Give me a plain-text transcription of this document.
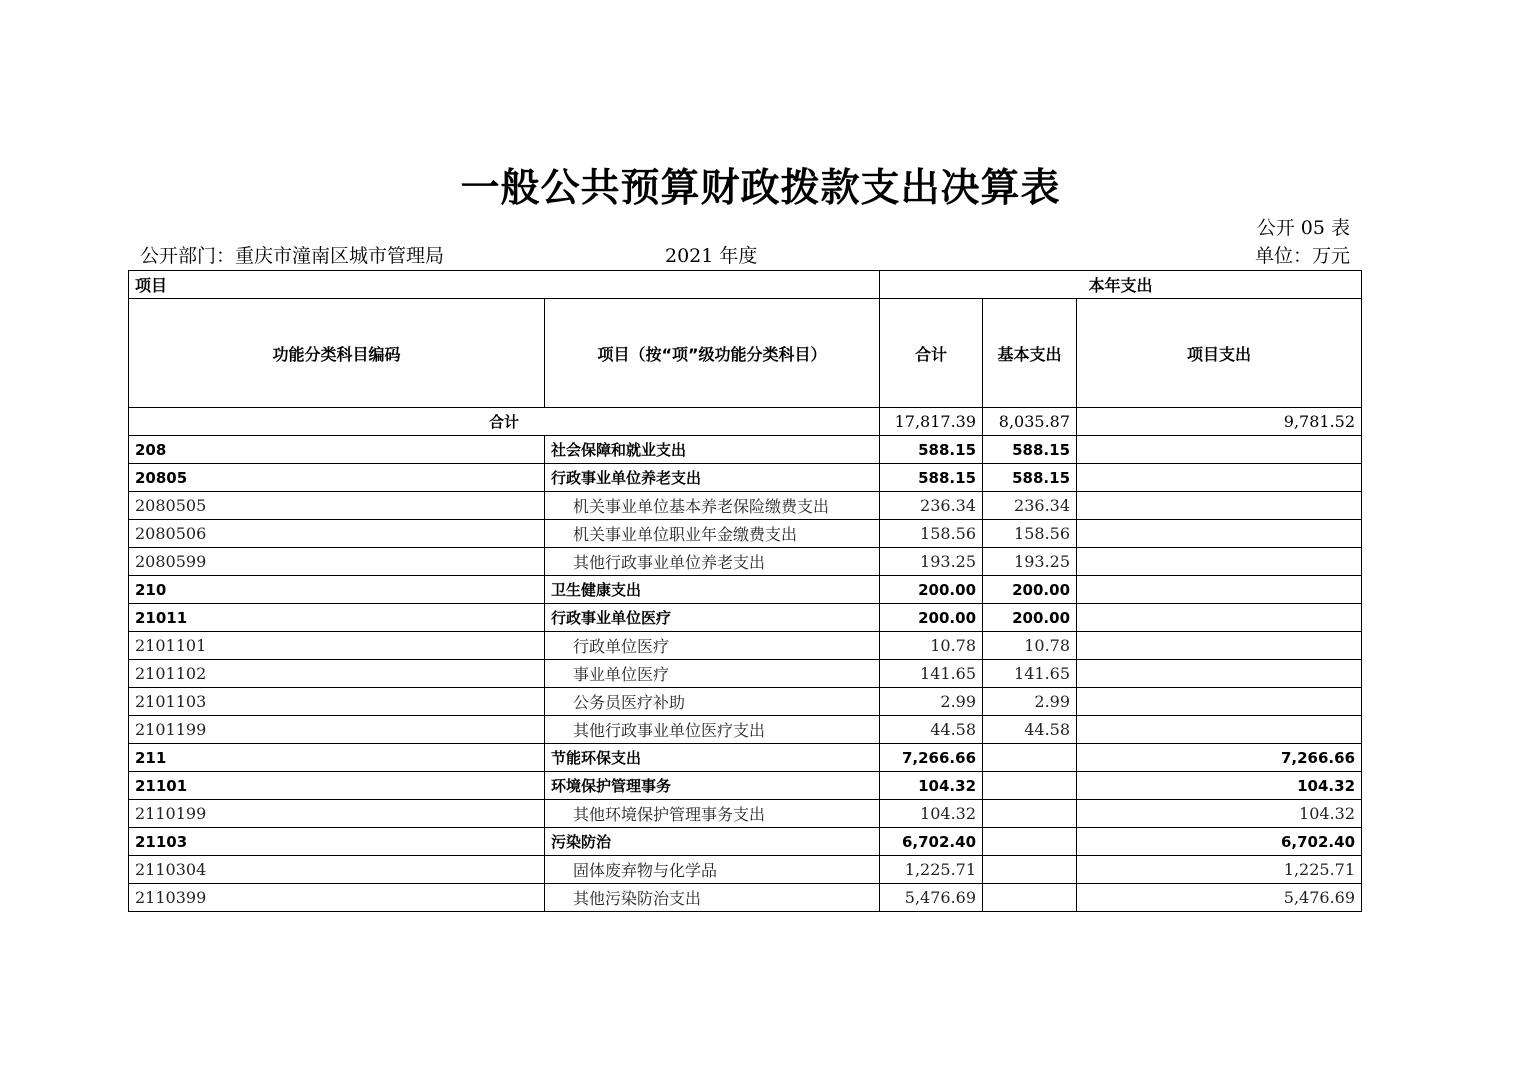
一般公共预算财政拨款支出决算表
公开 05 表
公开部门：重庆市潼南区城市管理局	2021 年度	单位：万元
项目		本年支出		
功能分类科目编码	项目（按“项”级功能分类科目）	合计	基本支出	项目支出
合计		17,817.39	8,035.87	9,781.52
208	社会保障和就业支出	588.15	588.15	
20805	行政事业单位养老支出	588.15	588.15	
2080505	机关事业单位基本养老保险缴费支出	236.34	236.34	
2080506	机关事业单位职业年金缴费支出	158.56	158.56	
2080599	其他行政事业单位养老支出	193.25	193.25	
210	卫生健康支出	200.00	200.00	
21011	行政事业单位医疗	200.00	200.00	
2101101	行政单位医疗	10.78	10.78	
2101102	事业单位医疗	141.65	141.65	
2101103	公务员医疗补助	2.99	2.99	
2101199	其他行政事业单位医疗支出	44.58	44.58	
211	节能环保支出	7,266.66		7,266.66
21101	环境保护管理事务	104.32		104.32
2110199	其他环境保护管理事务支出	104.32		104.32
21103	污染防治	6,702.40		6,702.40
2110304	固体废弃物与化学品	1,225.71		1,225.71
2110399	其他污染防治支出	5,476.69		5,476.69
